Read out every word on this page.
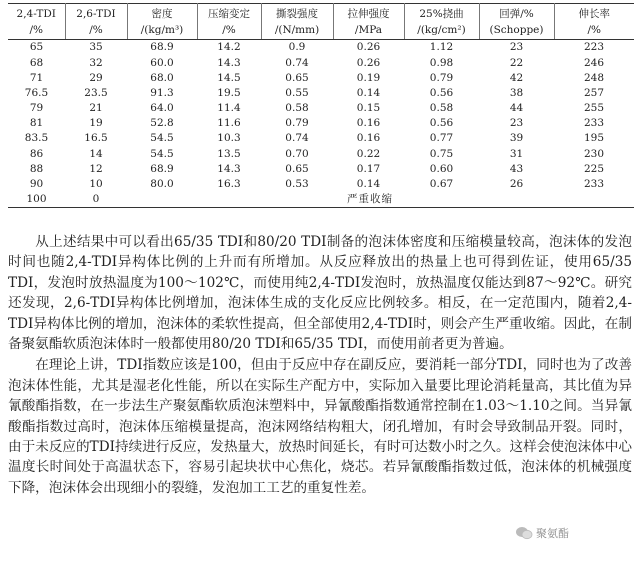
2,4-TDI	2,6-TDI	密度	压缩变定	撕裂强度	拉伸强度	25%挠曲	回弹/%	伸长率
/%	/%	/(kg/m³)	/%	/(N/mm)	/MPa	/(kg/cm²)	(Schoppe)	/%
65	35	68.9	14.2	0.9	0.26	1.12	23	223
68	32	60.0	14.3	0.74	0.26	0.98	22	246
71	29	68.0	14.5	0.65	0.19	0.79	42	248
76.5	23.5	91.3	19.5	0.55	0.14	0.56	38	257
79	21	64.0	11.4	0.58	0.15	0.58	44	255
81	19	52.8	11.6	0.79	0.16	0.56	23	233
83.5	16.5	54.5	10.3	0.74	0.16	0.77	39	195
86	14	54.5	13.5	0.70	0.22	0.75	31	230
88	12	68.9	14.3	0.65	0.17	0.60	43	225
90	10	80.0	16.3	0.53	0.14	0.67	26	233
100	0			严重收缩				

从上述结果中可以看出65/35 TDI和80/20 TDI制备的泡沫体密度和压缩模量较高，泡沫体的发泡时间也随2,4-TDI异构体比例的上升而有所增加。从反应释放出的热量上也可得到佐证，使用65/35 TDI，发泡时放热温度为100～102℃，而使用纯2,4-TDI发泡时，放热温度仅能达到87～92℃。研究还发现，2,6-TDI异构体比例增加，泡沫体生成的支化反应比例较多。相反，在一定范围内，随着2,4-TDI异构体比例的增加，泡沫体的柔软性提高，但全部使用2,4-TDI时，则会产生严重收缩。因此，在制备聚氨酯软质泡沫体时一般都使用80/20 TDI和65/35 TDI，而使用前者更为普遍。

在理论上讲，TDI指数应该是100，但由于反应中存在副反应，要消耗一部分TDI，同时也为了改善泡沫体性能，尤其是湿老化性能，所以在实际生产配方中，实际加入量要比理论消耗量高，其比值为异氰酸酯指数，在一步法生产聚氨酯软质泡沫塑料中，异氰酸酯指数通常控制在1.03～1.10之间。当异氰酸酯指数过高时，泡沫体压缩模量提高，泡沫网络结构粗大，闭孔增加，有时会导致制品开裂。同时，由于未反应的TDI持续进行反应，发热量大，放热时间延长，有时可达数小时之久。这样会使泡沫体中心温度长时间处于高温状态下，容易引起块状中心焦化，烧芯。若异氰酸酯指数过低，泡沫体的机械强度下降，泡沫体会出现细小的裂缝，发泡加工工艺的重复性差。

聚氨酯
